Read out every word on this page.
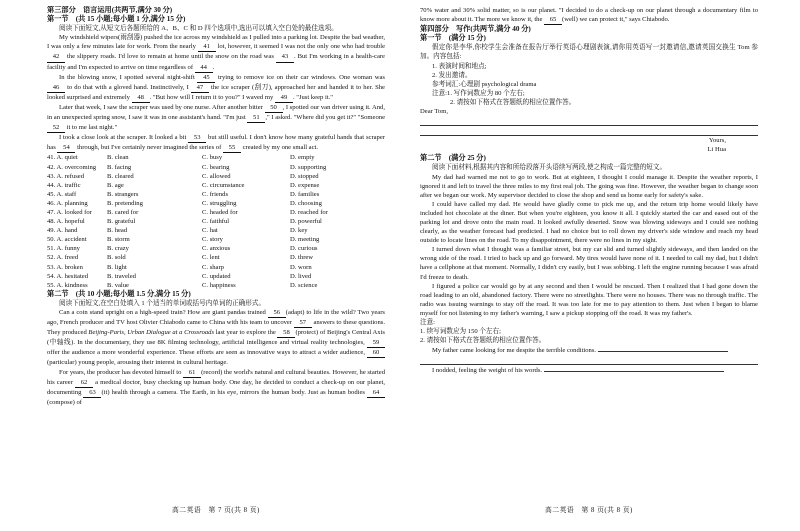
第三部分　语言运用(共两节,满分 30 分)
第一节　(共 15 小题;每小题 1 分,满分 15 分)

阅读下面短文,从短文后各题所给的 A、B、C 和 D 四个选项中,选出可以填入空白处的最佳选项。

My windshield wipers(雨刮器) pushed the ice across my windshield as I pulled into a parking lot. Despite the bad weather, I was only a few minutes late for work. From the nearly 41 lot, however, it seemed I was not the only one who had trouble 42 the slippery roads. I'd love to remain at home until the snow on the road was 43 . But I'm working in a health-care facility and I'm expected to arrive on time regardless of 44 .

In the blowing snow, I spotted several night-shift 45 trying to remove ice on their car windows. One woman was 46 to do that with a gloved hand. Instinctively, I 47 the ice scraper (刮刀), approached her and handed it to her. She looked surprised and extremely 48 . "But how will I return it to you?" I waved my 49 . "Just keep it."

Later that week, I saw the scraper was used by one nurse. After another bitter 50 , I spotted our van driver using it. And, in an unexpected spring snow, I saw it was in one assistant's hand. "I'm just 51 ," I asked. "Where did you get it?" "Someone 52 it to me last night."

I took a close look at the scraper. It looked a bit 53 but still useful. I don't know how many grateful hands that scraper has 54 through, but I've certainly never imagined the series of 55 created by my one small act.

41. A. quiet	B. clean	C. busy	D. empty
42. A. overcoming	B. facing	C. bearing	D. supporting
43. A. refused	B. cleared	C. allowed	D. stopped
44. A. traffic	B. age	C. circumstance	D. expense
45. A. staff	B. strangers	C. friends	D. families
46. A. planning	B. pretending	C. struggling	D. choosing
47. A. looked for	B. cared for	C. headed for	D. reached for
48. A. hopeful	B. grateful	C. faithful	D. powerful
49. A. hand	B. head	C. hat	D. key
50. A. accident	B. storm	C. story	D. meeting
51. A. funny	B. crazy	C. anxious	D. curious
52. A. freed	B. sold	C. lent	D. threw
53. A. broken	B. light	C. sharp	D. worn
54. A. hesitated	B. traveled	C. updated	D. lived
55. A. kindness	B. value	C. happiness	D. science
第二节　(共 10 小题;每小题 1.5 分,满分 15 分)

阅读下面短文,在空白处填入 1 个适当的单词或括号内单词的正确形式。

Can a coin stand upright on a high-speed train? How are giant pandas trained 56 (adapt) to life in the wild? Two years ago, French producer and TV host Olivier Chiabodo came to China with his team to uncover 57 answers to these questions. They produced Beijing-Paris, Urban Dialogue at a Crossroads last year to explore the 58 (protect) of Beijing's Central Axis (中轴线). In the documentary, they use 8K filming technology, artificial intelligence and virtual reality technologies, 59 offer the audience a more wonderful experience. These efforts are seen as innovative ways to attract a wider audience, 60(particular) young people, arousing their interest in cultural heritage.

For years, the producer has devoted himself to 61 (record) the world's natural and cultural beauties. However, he started his career 62 a medical doctor, busy checking up human body. One day, he decided to conduct a check-up on our planet, documenting 63 (it) health through a camera. The Earth, in his eye, mirrors the human body. Just as human bodies 64(compose) of

70% water and 30% solid matter, so is our planet. "I decided to do a check-up on our planet through a documentary film to know more about it. The more we know it, the 65 (well) we can protect it," says Chiabodo.

第四部分　写作(共两节,满分 40 分)
第一节　(满分 15 分)

假定你是李华,你校学生会准备在报告厅举行英语心理剧表演,请你用英语写一封邀请信,邀请英国交换生 Tom 参加。内容包括:

1. 表演时间和地点;
2. 发出邀请。
参考词汇:心理剧 psychological drama
注意:1. 写作词数应为 80 个左右;
2. 请按如下格式在答题纸的相应位置作答。
Dear Tom,
Yours,
Li Hua
第二节　(满分 25 分)

阅读下面材料,根据其内容和所给段落开头语续写两段,使之构成一篇完整的短文。

My dad had warned me not to go to work. But at eighteen, I thought I could manage it. Despite the weather reports, I ignored it and left to travel the three miles to my first real job. The going was fine. However, the weather began to change soon after we began our work. My supervisor decided to close the shop and send us home early for safety's sake.

I could have called my dad. He would have gladly come to pick me up, and the return trip home would likely have included hot chocolate at the diner. But when you're eighteen, you know it all. I quickly started the car and eased out of the parking lot and drove onto the main road. It looked awfully deserted. Snow was blowing sideways and I could see nothing clearly, as the weather forecast had predicted. I had no choice but to roll down my driver's side window and reach my head outside to locate lines on the road. To my disappointment, there were no lines in my sight.

I turned down what I thought was a familiar street, but my car slid and turned slightly sideways, and then landed on the wrong side of the road. I tried to back up and go forward. My tires would have none of it. I needed to call my dad, but I didn't have a cellphone at that moment. Normally, I didn't cry easily, but I was sobbing. I left the engine running because I was afraid I'd freeze to death.

I figured a police car would go by at any second and then I would be rescued. Then I realized that I had gone down the road leading to an old, abandoned factory. There were no streetlights. There were no houses. There was no through traffic. The radio was issuing warnings to stay off the road. It was too late for me to pay attention to them. Just when I began to blame myself for not listening to my father's warning, I saw a pickup stopping off the road. It was my father's.

注意:
1. 续写词数应为 150 个左右;
2. 请按如下格式在答题纸的相应位置作答。
My father came looking for me despite the terrible conditions.
I nodded, feeling the weight of his words.
高二英语　第 7 页(共 8 页)	高二英语　第 8 页(共 8 页)
